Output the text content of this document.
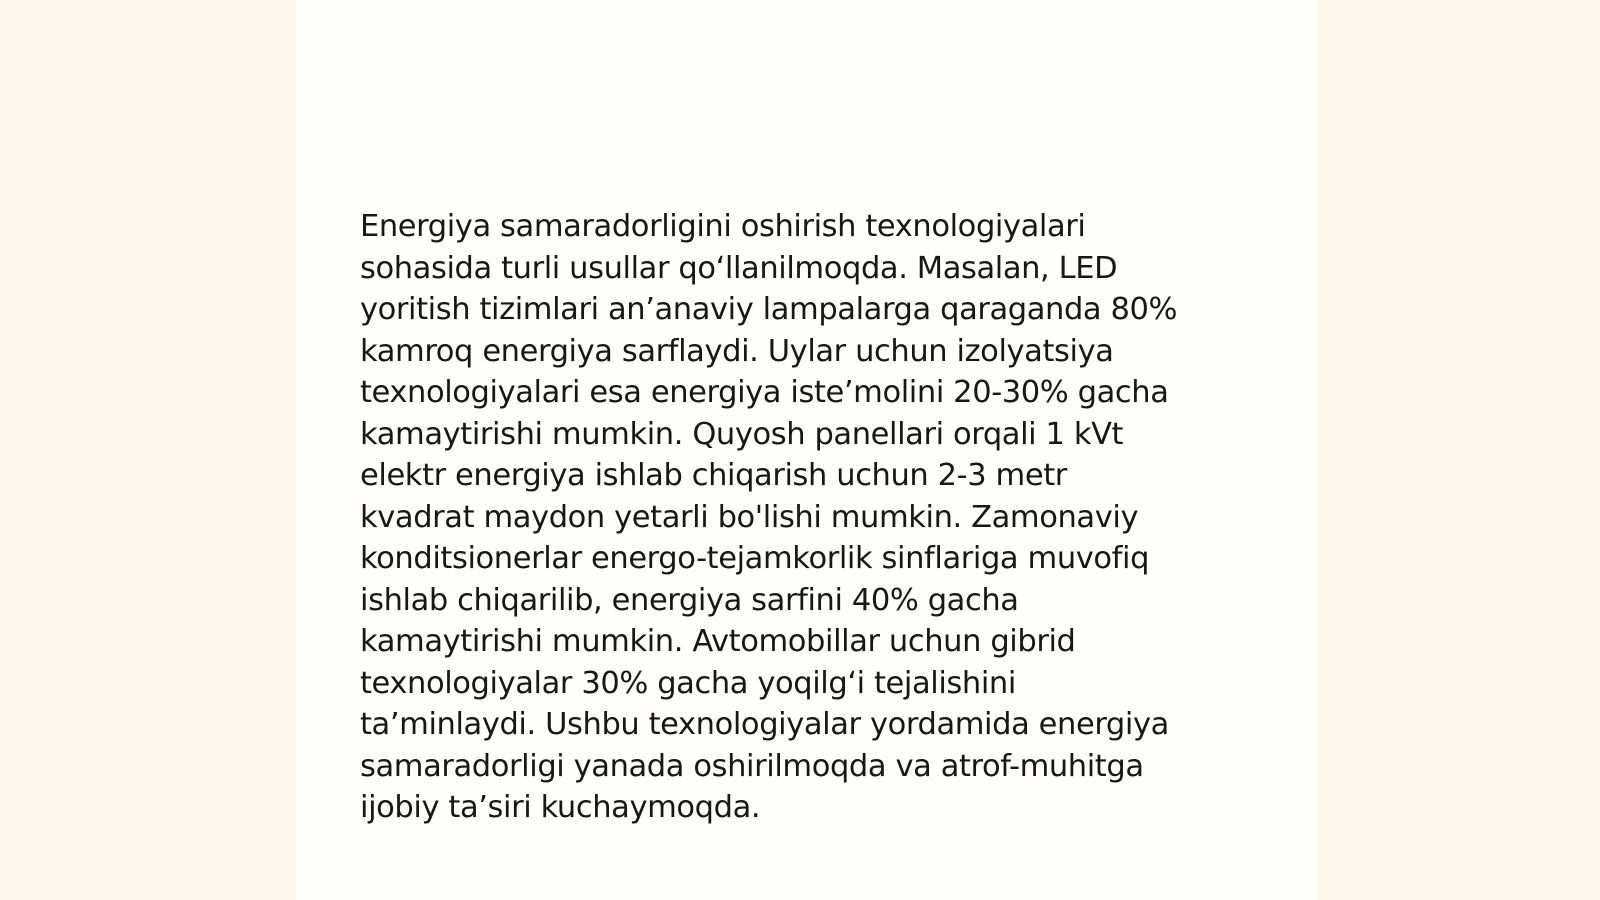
Energiya samaradorligini oshirish texnologiyalari
sohasida turli usullar qo‘llanilmoqda. Masalan, LED
yoritish tizimlari an’anaviy lampalarga qaraganda 80%
kamroq energiya sarflaydi. Uylar uchun izolyatsiya
texnologiyalari esa energiya iste’molini 20-30% gacha
kamaytirishi mumkin. Quyosh panellari orqali 1 kVt
elektr energiya ishlab chiqarish uchun 2-3 metr
kvadrat maydon yetarli bo'lishi mumkin. Zamonaviy
konditsionerlar energo-tejamkorlik sinflariga muvofiq
ishlab chiqarilib, energiya sarfini 40% gacha
kamaytirishi mumkin. Avtomobillar uchun gibrid
texnologiyalar 30% gacha yoqilg‘i tejalishini
ta’minlaydi. Ushbu texnologiyalar yordamida energiya
samaradorligi yanada oshirilmoqda va atrof-muhitga
ijobiy ta’siri kuchaymoqda.
